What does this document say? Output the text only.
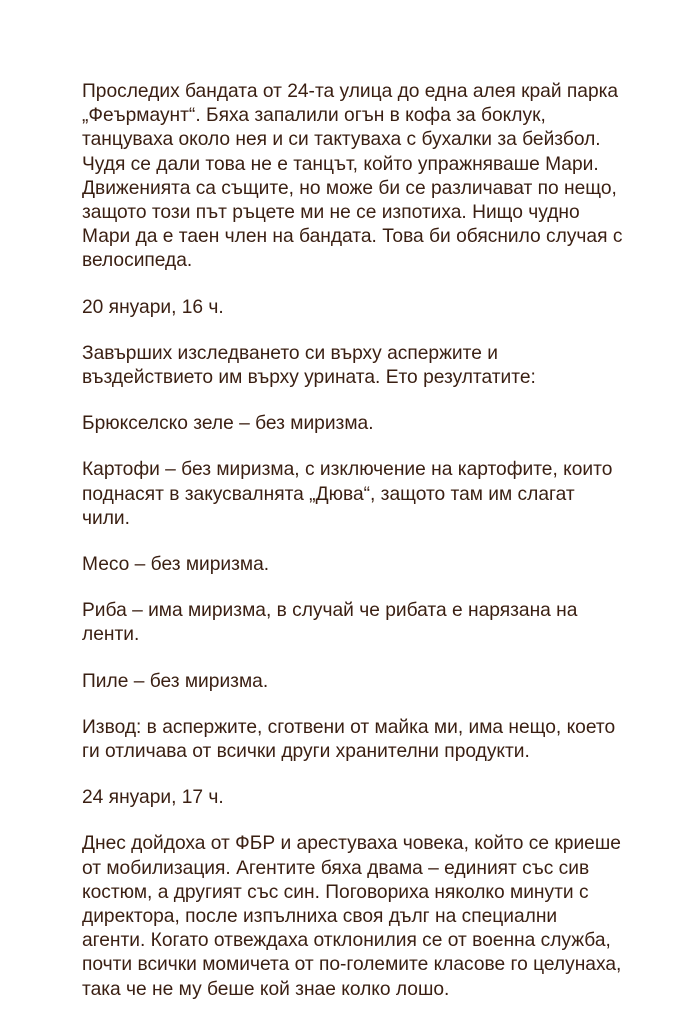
Проследих бандата от 24-та улица до една алея край парка
„Феърмаунт“. Бяха запалили огън в кофа за боклук,
танцуваха около нея и си тактуваха с бухалки за бейзбол.
Чудя се дали това не е танцът, който упражняваше Мари.
Движенията са същите, но може би се различават по нещо,
защото този път ръцете ми не се изпотиха. Нищо чудно
Мари да е таен член на бандата. Това би обяснило случая с
велосипеда.

20 януари, 16 ч.

Завърших изследването си върху аспержите и
въздействието им върху урината. Ето резултатите:

Брюкселско зеле – без миризма.

Картофи – без миризма, с изключение на картофите, които
поднасят в закусвалнята „Дюва“, защото там им слагат
чили.

Месо – без миризма.

Риба – има миризма, в случай че рибата е нарязана на
ленти.

Пиле – без миризма.

Извод: в аспержите, сготвени от майка ми, има нещо, което
ги отличава от всички други хранителни продукти.

24 януари, 17 ч.

Днес дойдоха от ФБР и арестуваха човека, който се криеше
от мобилизация. Агентите бяха двама – единият със сив
костюм, а другият със син. Поговориха няколко минути с
директора, после изпълниха своя дълг на специални
агенти. Когато отвеждаха отклонилия се от военна служба,
почти всички момичета от по-големите класове го целунаха,
така че не му беше кой знае колко лошо.
